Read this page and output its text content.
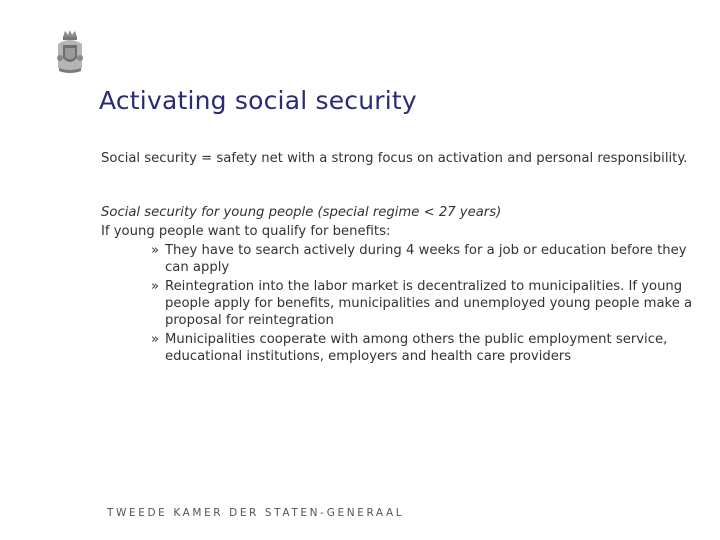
Activating social security

Social security = safety net with a strong focus on activation and personal responsibility.

Social security for young people (special regime < 27 years)

If young people want to qualify for benefits:

» They have to search actively during 4 weeks for a job or education before they can apply
» Reintegration into the labor market is decentralized to municipalities. If young people apply for benefits, municipalities and unemployed young people make a proposal for reintegration
» Municipalities cooperate with among others the public employment service, educational institutions, employers and health care providers
TWEEDE KAMER DER STATEN-GENERAAL
